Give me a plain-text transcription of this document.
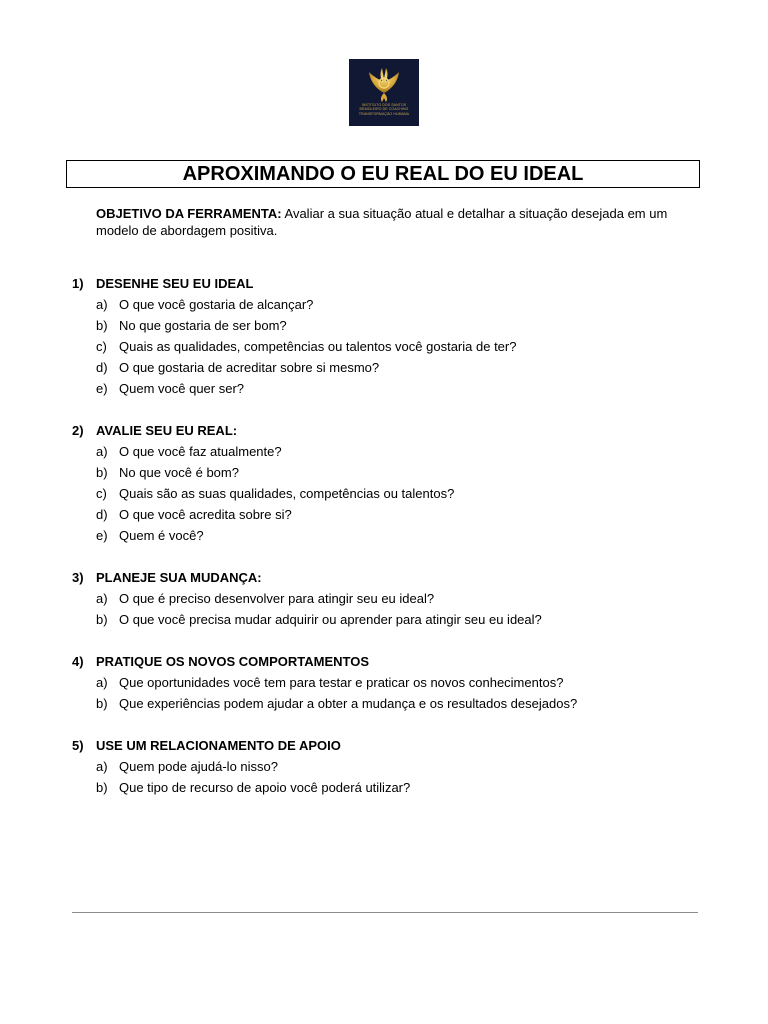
INSTITUTO DOS SANTOS
BRASILEIRO DE COACHING
TRANSFORMAÇÃO HUMANA
APROXIMANDO O EU REAL DO EU IDEAL
OBJETIVO DA FERRAMENTA: Avaliar a sua situação atual e detalhar a situação desejada em um modelo de abordagem positiva.
1) DESENHE SEU EU IDEAL
a) O que você gostaria de alcançar?
b) No que gostaria de ser bom?
c) Quais as qualidades, competências ou talentos você gostaria de ter?
d) O que gostaria de acreditar sobre si mesmo?
e) Quem você quer ser?
2) AVALIE SEU EU REAL:
a) O que você faz atualmente?
b) No que você é bom?
c) Quais são as suas qualidades, competências ou talentos?
d) O que você acredita sobre si?
e) Quem é você?
3) PLANEJE SUA MUDANÇA:
a) O que é preciso desenvolver para atingir seu eu ideal?
b) O que você precisa mudar adquirir ou aprender para atingir seu eu ideal?
4) PRATIQUE OS NOVOS COMPORTAMENTOS
a) Que oportunidades você tem para testar e praticar os novos conhecimentos?
b) Que experiências podem ajudar a obter a mudança e os resultados desejados?
5) USE UM RELACIONAMENTO DE APOIO
a) Quem pode ajudá-lo nisso?
b) Que tipo de recurso de apoio você poderá utilizar?
